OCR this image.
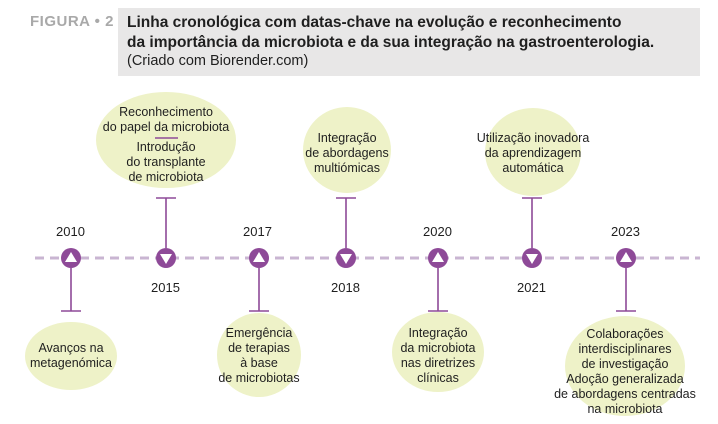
FIGURA • 2 Linha cronológica com datas-chave na evolução e reconhecimento
da importância da microbiota e da sua integração na gastroenterologia.
(Criado com Biorender.com)
2010	2017	2020	2023
2015	2018	2021
Reconhecimento
do papel da microbiota
Introdução
do transplante
de microbiota
Integração
de abordagens
multiómicas
Utilização inovadora
da aprendizagem
automática
Avanços na
metagenómica
Emergência
de terapias
à base
de microbiotas
Integração
da microbiota
nas diretrizes
clínicas
Colaborações
interdisciplinares
de investigação
Adoção generalizada
de abordagens centradas
na microbiota
